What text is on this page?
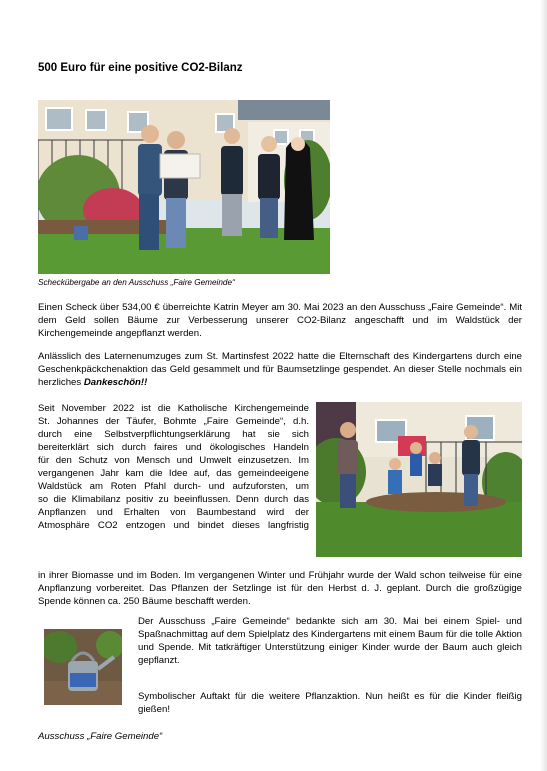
500 Euro für eine positive CO2-Bilanz
Scheckübergabe an den Ausschuss „Faire Gemeinde“

Einen Scheck über 534,00 € überreichte Katrin Meyer am 30. Mai 2023 an den Ausschuss „Faire Gemeinde“. Mit dem Geld sollen Bäume zur Verbesserung unserer CO2-Bilanz angeschafft und im Waldstück der Kirchengemeinde angepflanzt werden.

Anlässlich des Laternenumzuges zum St. Martinsfest 2022 hatte die Elternschaft des Kindergartens durch eine Geschenkpäckchenaktion das Geld gesammelt und für Baumsetzlinge gespendet. An dieser Stelle nochmals ein herzliches Dankeschön!!

Seit November 2022 ist die Katholische Kirchengemeinde
St. Johannes der Täufer, Bohmte „Faire Gemeinde“, d.h.
durch eine Selbstverpflichtungserklärung hat sie sich
bereiterklärt sich durch faires und ökologisches Handeln
für den Schutz von Mensch und Umwelt einzusetzen. Im
vergangenen Jahr kam die Idee auf, das gemeindeeigene
Waldstück am Roten Pfahl durch- und aufzuforsten, um
so die Klimabilanz positiv zu beeinflussen. Denn durch das
Anpflanzen und Erhalten von Baumbestand wird der
Atmosphäre CO2 entzogen und bindet dieses langfristig

in ihrer Biomasse und im Boden. Im vergangenen Winter und Frühjahr wurde der Wald schon teilweise für eine Anpflanzung vorbereitet. Das Pflanzen der Setzlinge ist für den Herbst d. J. geplant. Durch die großzügige Spende können ca. 250 Bäume beschafft werden.

Der Ausschuss „Faire Gemeinde“ bedankte sich am 30. Mai bei einem Spiel- und Spaßnachmittag auf dem Spielplatz des Kindergartens mit einem Baum für die tolle Aktion und Spende. Mit tatkräftiger Unterstützung einiger Kinder wurde der Baum auch gleich gepflanzt.

Symbolischer Auftakt für die weitere Pflanzaktion. Nun heißt es für die Kinder fleißig gießen!

Ausschuss „Faire Gemeinde“
